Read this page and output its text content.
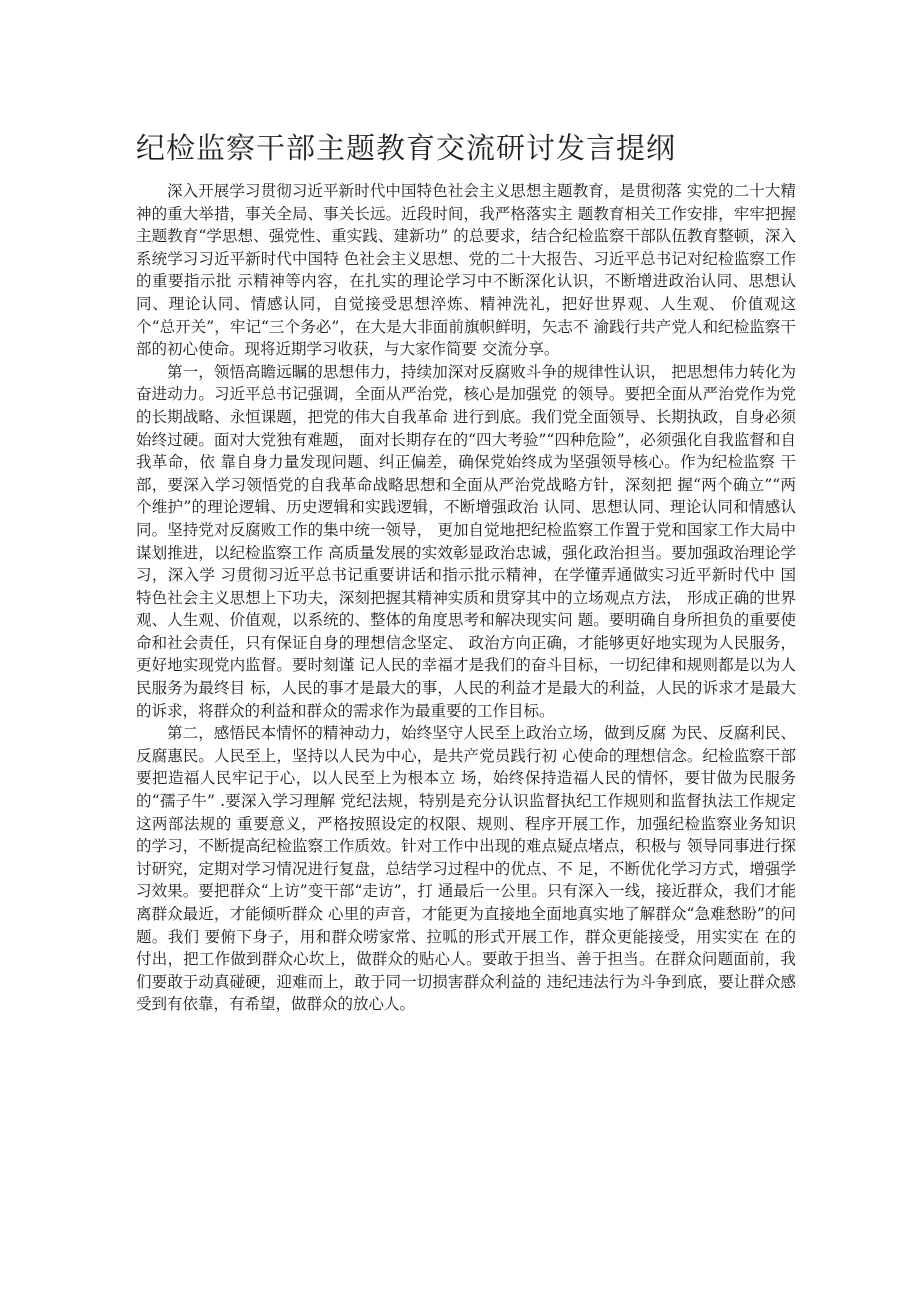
纪检监察干部主题教育交流研讨发言提纲

深入开展学习贯彻习近平新时代中国特色社会主义思想主题教育，是贯彻落 实党的二十大精神的重大举措，事关全局、事关长远。近段时间，我严格落实主 题教育相关工作安排，牢牢把握主题教育“学思想、强党性、重实践、建新功” 的总要求，结合纪检监察干部队伍教育整顿，深入系统学习习近平新时代中国特 色社会主义思想、党的二十大报告、习近平总书记对纪检监察工作的重要指示批 示精神等内容，在扎实的理论学习中不断深化认识，不断增进政治认同、思想认 同、理论认同、情感认同，自觉接受思想淬炼、精神洗礼，把好世界观、人生观、 价值观这个“总开关”，牢记“三个务必”，在大是大非面前旗帜鲜明，矢志不 渝践行共产党人和纪检监察干部的初心使命。现将近期学习收获，与大家作简要 交流分享。

第一，领悟高瞻远瞩的思想伟力，持续加深对反腐败斗争的规律性认识， 把思想伟力转化为奋进动力。习近平总书记强调，全面从严治党，核心是加强党 的领导。要把全面从严治党作为党的长期战略、永恒课题，把党的伟大自我革命 进行到底。我们党全面领导、长期执政，自身必须始终过硬。面对大党独有难题， 面对长期存在的“四大考验”“四种危险”，必须强化自我监督和自我革命，依 靠自身力量发现问题、纠正偏差，确保党始终成为坚强领导核心。作为纪检监察 干部，要深入学习领悟党的自我革命战略思想和全面从严治党战略方针，深刻把 握“两个确立”“两个维护”的理论逻辑、历史逻辑和实践逻辑，不断增强政治 认同、思想认同、理论认同和情感认同。坚持党对反腐败工作的集中统一领导， 更加自觉地把纪检监察工作置于党和国家工作大局中谋划推进，以纪检监察工作 高质量发展的实效彰显政治忠诚，强化政治担当。要加强政治理论学习，深入学 习贯彻习近平总书记重要讲话和指示批示精神，在学懂弄通做实习近平新时代中 国特色社会主义思想上下功夫，深刻把握其精神实质和贯穿其中的立场观点方法， 形成正确的世界观、人生观、价值观，以系统的、整体的角度思考和解决现实问 题。要明确自身所担负的重要使命和社会责任，只有保证自身的理想信念坚定、 政治方向正确，才能够更好地实现为人民服务，更好地实现党内监督。要时刻谨 记人民的幸福才是我们的奋斗目标，一切纪律和规则都是以为人民服务为最终目 标，人民的事才是最大的事，人民的利益才是最大的利益，人民的诉求才是最大 的诉求，将群众的利益和群众的需求作为最重要的工作目标。

第二，感悟民本情怀的精神动力，始终坚守人民至上政治立场，做到反腐 为民、反腐利民、反腐惠民。人民至上，坚持以人民为中心，是共产党员践行初 心使命的理想信念。纪检监察干部要把造福人民牢记于心，以人民至上为根本立 场，始终保持造福人民的情怀，要甘做为民服务的“孺子牛” .要深入学习理解 党纪法规，特别是充分认识监督执纪工作规则和监督执法工作规定这两部法规的 重要意义，严格按照设定的权限、规则、程序开展工作，加强纪检监察业务知识 的学习，不断提高纪检监察工作质效。针对工作中出现的难点疑点堵点，积极与 领导同事进行探讨研究，定期对学习情况进行复盘，总结学习过程中的优点、不 足，不断优化学习方式，增强学习效果。要把群众“上访”变干部“走访”，打 通最后一公里。只有深入一线，接近群众，我们才能离群众最近，才能倾听群众 心里的声音，才能更为直接地全面地真实地了解群众“急难愁盼”的问题。我们 要俯下身子，用和群众唠家常、拉呱的形式开展工作，群众更能接受，用实实在 在的付出，把工作做到群众心坎上，做群众的贴心人。要敢于担当、善于担当。在群众问题面前，我们要敢于动真碰硬，迎难而上，敢于同一切损害群众利益的 违纪违法行为斗争到底，要让群众感受到有依靠，有希望，做群众的放心人。
